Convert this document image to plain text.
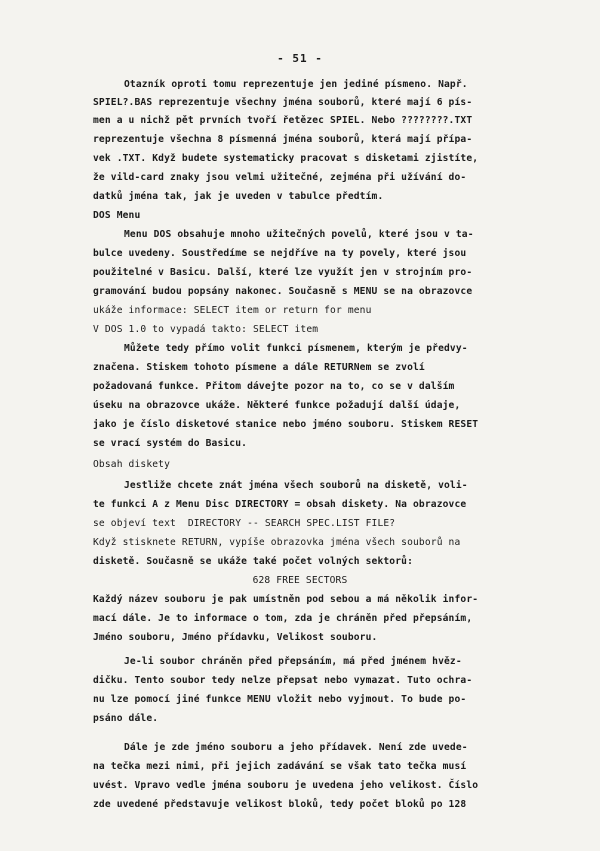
- 51 -
Otazník oproti tomu reprezentuje jen jediné písmeno. Např.
SPIEL?.BAS reprezentuje všechny jména souborů, které mají 6 pís-
men a u nichž pět prvních tvoří řetězec SPIEL. Nebo ????????.TXT
reprezentuje všechna 8 písmenná jména souborů, která mají přípa-
vek .TXT. Když budete systematicky pracovat s disketami zjistíte,
že vild-card znaky jsou velmi užitečné, zejména při užívání do-
datků jména tak, jak je uveden v tabulce předtím.
DOS Menu
Menu DOS obsahuje mnoho užitečných povelů, které jsou v ta-
bulce uvedeny. Soustředíme se nejdříve na ty povely, které jsou
použitelné v Basicu. Další, které lze využít jen v strojním pro-
gramování budou popsány nakonec. Současně s MENU se na obrazovce
ukáže informace: SELECT item or return for menu
V DOS 1.0 to vypadá takto: SELECT item
Můžete tedy přímo volit funkci písmenem, kterým je předvy-
značena. Stiskem tohoto písmene a dále RETURNem se zvolí
požadovaná funkce. Přitom dávejte pozor na to, co se v dalším
úseku na obrazovce ukáže. Některé funkce požadují další údaje,
jako je číslo disketové stanice nebo jméno souboru. Stiskem RESET
se vrací systém do Basicu.
Obsah diskety
Jestliže chcete znát jména všech souborů na disketě, voli-
te funkci A z Menu Disc DIRECTORY = obsah diskety. Na obrazovce
se objeví text  DIRECTORY -- SEARCH SPEC.LIST FILE?
Když stisknete RETURN, vypíše obrazovka jména všech souborů na
disketě. Současně se ukáže také počet volných sektorů:
628 FREE SECTORS
Každý název souboru je pak umístněn pod sebou a má několik infor-
mací dále. Je to informace o tom, zda je chráněn před přepsáním,
Jméno souboru, Jméno přídavku, Velikost souboru.
Je-li soubor chráněn před přepsáním, má před jménem hvěz-
dičku. Tento soubor tedy nelze přepsat nebo vymazat. Tuto ochra-
nu lze pomocí jiné funkce MENU vložit nebo vyjmout. To bude po-
psáno dále.
Dále je zde jméno souboru a jeho přídavek. Není zde uvede-
na tečka mezi nimi, při jejich zadávání se však tato tečka musí
uvést. Vpravo vedle jména souboru je uvedena jeho velikost. Číslo
zde uvedené představuje velikost bloků, tedy počet bloků po 128
